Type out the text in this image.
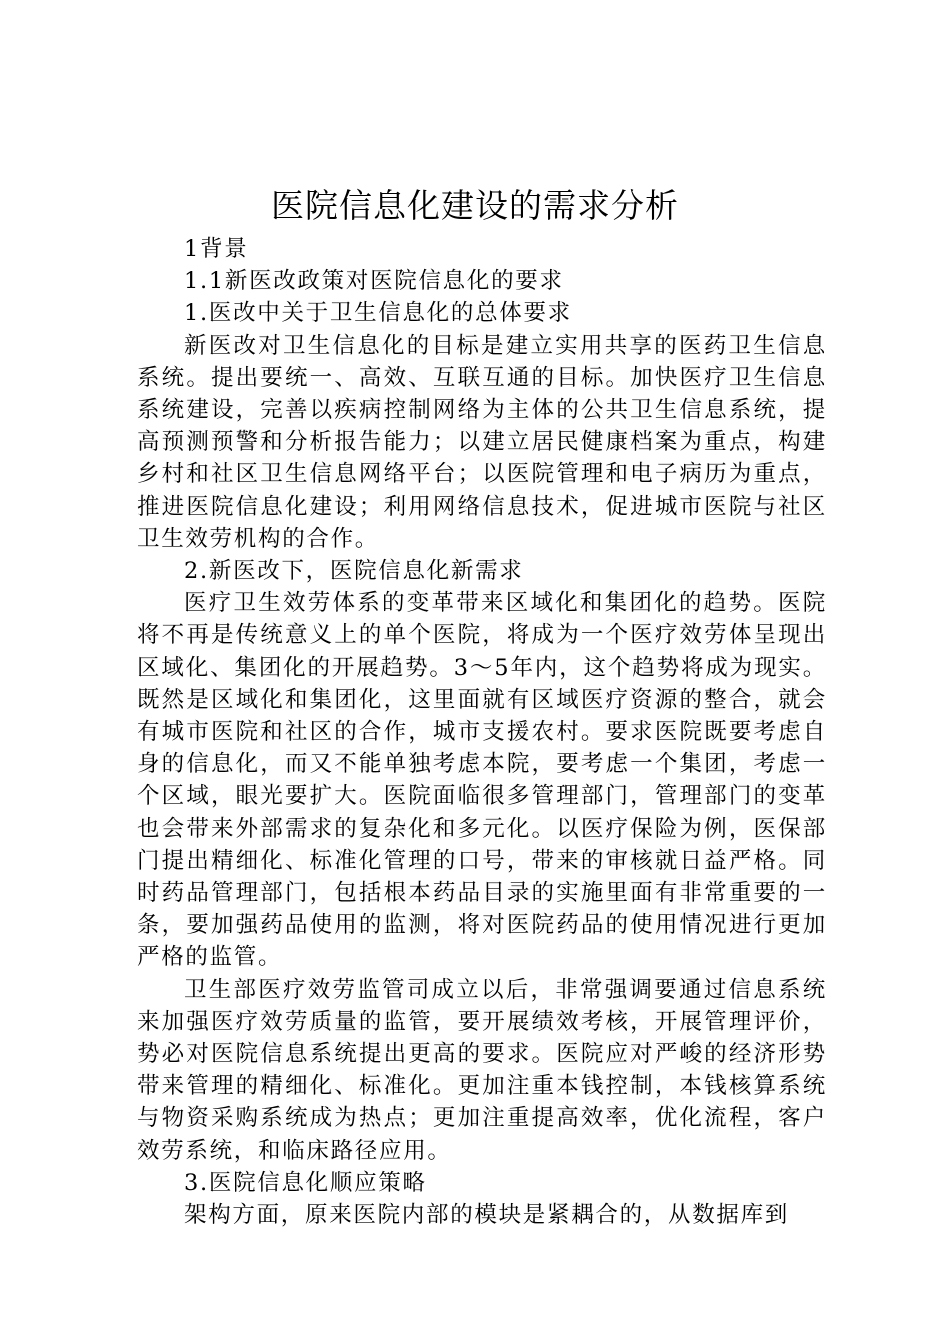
医院信息化建设的需求分析
1背景
1.1新医改政策对医院信息化的要求
1.医改中关于卫生信息化的总体要求

新医改对卫生信息化的目标是建立实用共享的医药卫生信息系统。提出要统一、高效、互联互通的目标。加快医疗卫生信息系统建设，完善以疾病控制网络为主体的公共卫生信息系统，提高预测预警和分析报告能力；以建立居民健康档案为重点，构建乡村和社区卫生信息网络平台；以医院管理和电子病历为重点，推进医院信息化建设；利用网络信息技术，促进城市医院与社区卫生效劳机构的合作。

2.新医改下，医院信息化新需求

医疗卫生效劳体系的变革带来区域化和集团化的趋势。医院将不再是传统意义上的单个医院，将成为一个医疗效劳体呈现出区域化、集团化的开展趋势。3～5年内，这个趋势将成为现实。既然是区域化和集团化，这里面就有区域医疗资源的整合，就会有城市医院和社区的合作，城市支援农村。要求医院既要考虑自身的信息化，而又不能单独考虑本院，要考虑一个集团，考虑一个区域，眼光要扩大。医院面临很多管理部门，管理部门的变革也会带来外部需求的复杂化和多元化。以医疗保险为例，医保部门提出精细化、标准化管理的口号，带来的审核就日益严格。同时药品管理部门，包括根本药品目录的实施里面有非常重要的一条，要加强药品使用的监测，将对医院药品的使用情况进行更加严格的监管。

卫生部医疗效劳监管司成立以后，非常强调要通过信息系统来加强医疗效劳质量的监管，要开展绩效考核，开展管理评价，势必对医院信息系统提出更高的要求。医院应对严峻的经济形势带来管理的精细化、标准化。更加注重本钱控制，本钱核算系统与物资采购系统成为热点；更加注重提高效率，优化流程，客户效劳系统，和临床路径应用。

3.医院信息化顺应策略

架构方面，原来医院内部的模块是紧耦合的，从数据库到
